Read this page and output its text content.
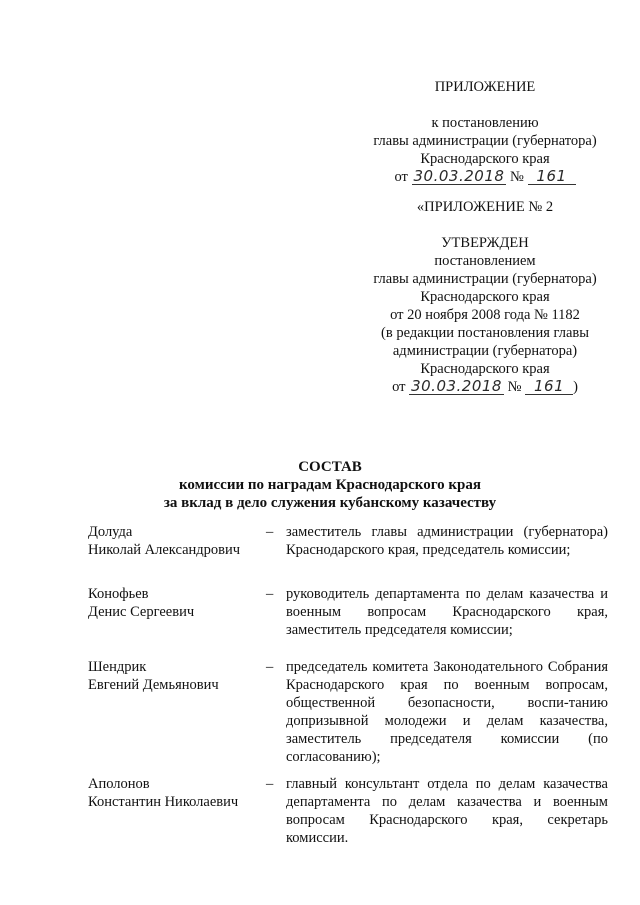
ПРИЛОЖЕНИЕ
к постановлению
главы администрации (губернатора)
Краснодарского края
от 30.03.2018 № 161
«ПРИЛОЖЕНИЕ № 2
УТВЕРЖДЕН
постановлением
главы администрации (губернатора)
Краснодарского края
от 20 ноября 2008 года № 1182
(в редакции постановления главы
администрации (губернатора)
Краснодарского края
от 30.03.2018 № 161 )
СОСТАВ
комиссии по наградам Краснодарского края
за вклад в дело служения кубанскому казачеству
Долуда
Николай Александрович
– заместитель главы администрации (губернатора) Краснодарского края, председатель комиссии;
Конофьев
Денис Сергеевич
– руководитель департамента по делам казачества и военным вопросам Краснодарского края, заместитель председателя комиссии;
Шендрик
Евгений Демьянович
– председатель комитета Законодательного Собрания Краснодарского края по военным вопросам, общественной безопасности, воспи-танию допризывной молодежи и делам казачества, заместитель председателя комиссии (по согласованию);
Аполонов
Константин Николаевич
– главный консультант отдела по делам казачества департамента по делам казачества и военным вопросам Краснодарского края, секретарь комиссии.
